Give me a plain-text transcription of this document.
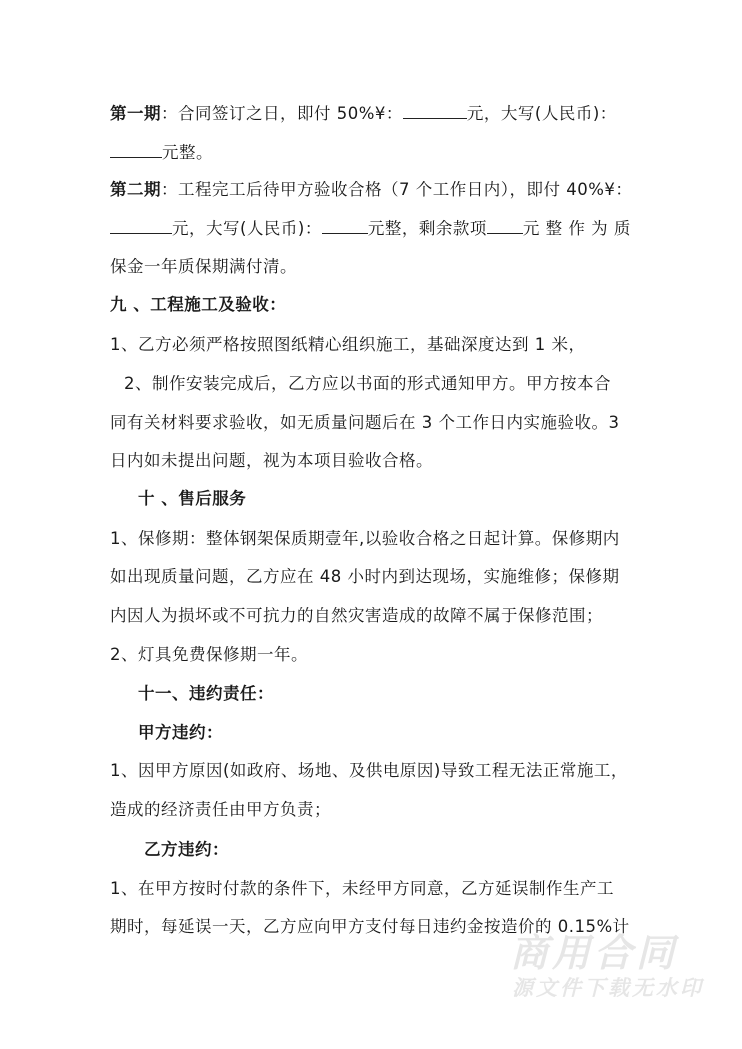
第一期：合同签订之日，即付 50%¥：	元，大写(人民币)：
元整。
第二期：工程完工后待甲方验收合格（7 个工作日内），即付 40%¥：
元，大写(人民币)：	元整，剩余款项 元 整 作 为 质
保金一年质保期满付清。
九 、工程施工及验收：
1、乙方必须严格按照图纸精心组织施工，基础深度达到 1 米，
2、制作安装完成后，乙方应以书面的形式通知甲方。甲方按本合
同有关材料要求验收，如无质量问题后在 3 个工作日内实施验收。3
日内如未提出问题，视为本项目验收合格。
十 、售后服务
1、保修期：整体钢架保质期壹年,以验收合格之日起计算。保修期内
如出现质量问题，乙方应在 48 小时内到达现场，实施维修；保修期
内因人为损坏或不可抗力的自然灾害造成的故障不属于保修范围；
2、灯具免费保修期一年。
十一、违约责任：
甲方违约：
1、因甲方原因(如政府、场地、及供电原因)导致工程无法正常施工，
造成的经济责任由甲方负责；
乙方违约：
1、在甲方按时付款的条件下，未经甲方同意，乙方延误制作生产工
期时，每延误一天，乙方应向甲方支付每日违约金按造价的 0.15%计
商用合同
源文件下载无水印
